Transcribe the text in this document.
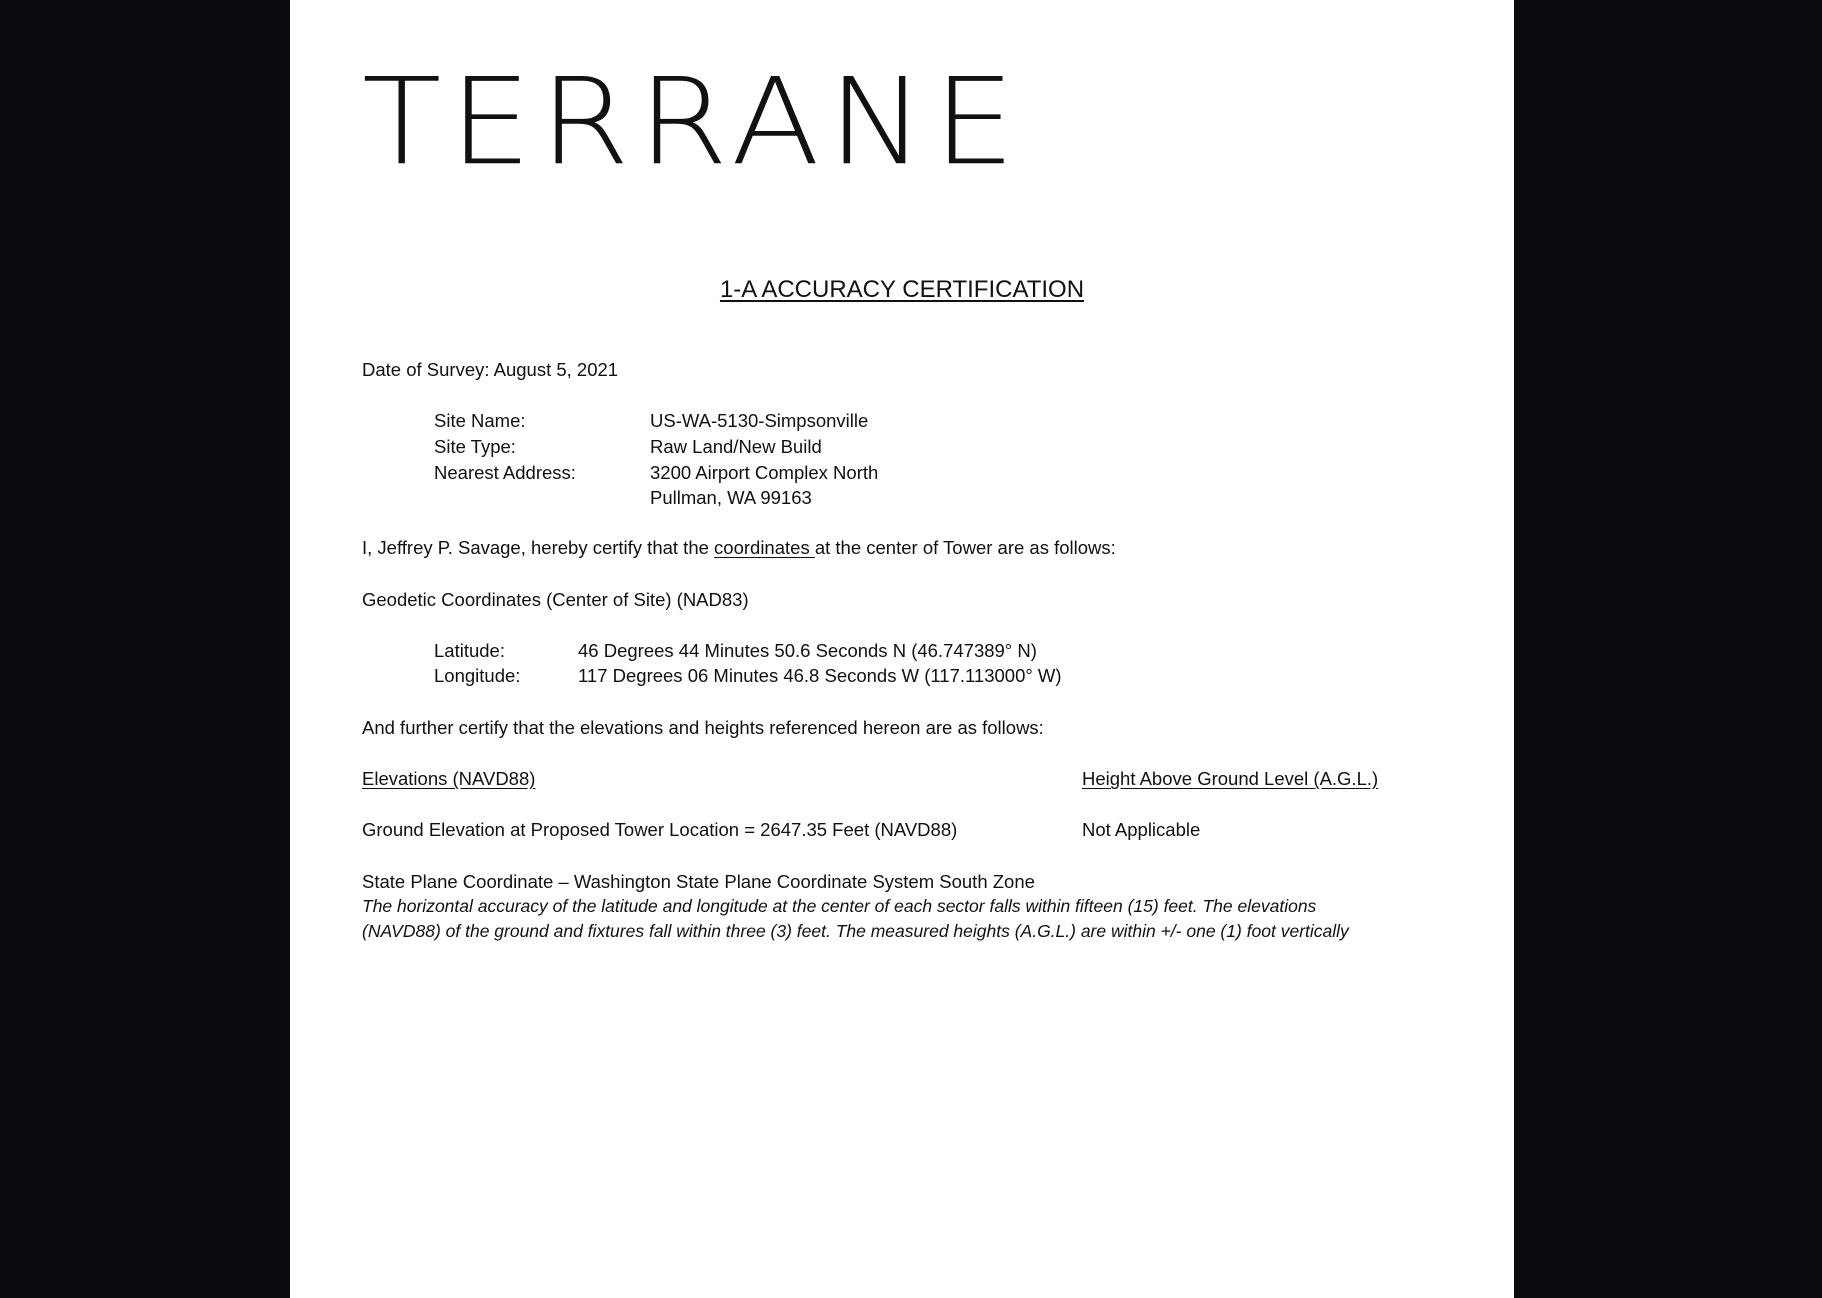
TERRANE
1-A ACCURACY CERTIFICATION
Date of Survey: August 5, 2021
Site Name:	US-WA-5130-Simpsonville
Site Type:	Raw Land/New Build
Nearest Address:	3200 Airport Complex North
Pullman, WA 99163
I, Jeffrey P. Savage, hereby certify that the coordinates at the center of Tower are as follows:
Geodetic Coordinates (Center of Site) (NAD83)
Latitude:	46 Degrees 44 Minutes 50.6 Seconds N (46.747389° N)
Longitude:	117 Degrees 06 Minutes 46.8 Seconds W (117.113000° W)
And further certify that the elevations and heights referenced hereon are as follows:
Elevations (NAVD88)	Height Above Ground Level (A.G.L.)
Ground Elevation at Proposed Tower Location = 2647.35 Feet (NAVD88)	Not Applicable
State Plane Coordinate – Washington State Plane Coordinate System South Zone
The horizontal accuracy of the latitude and longitude at the center of each sector falls within fifteen (15) feet. The elevations
(NAVD88) of the ground and fixtures fall within three (3) feet. The measured heights (A.G.L.) are within +/- one (1) foot vertically
